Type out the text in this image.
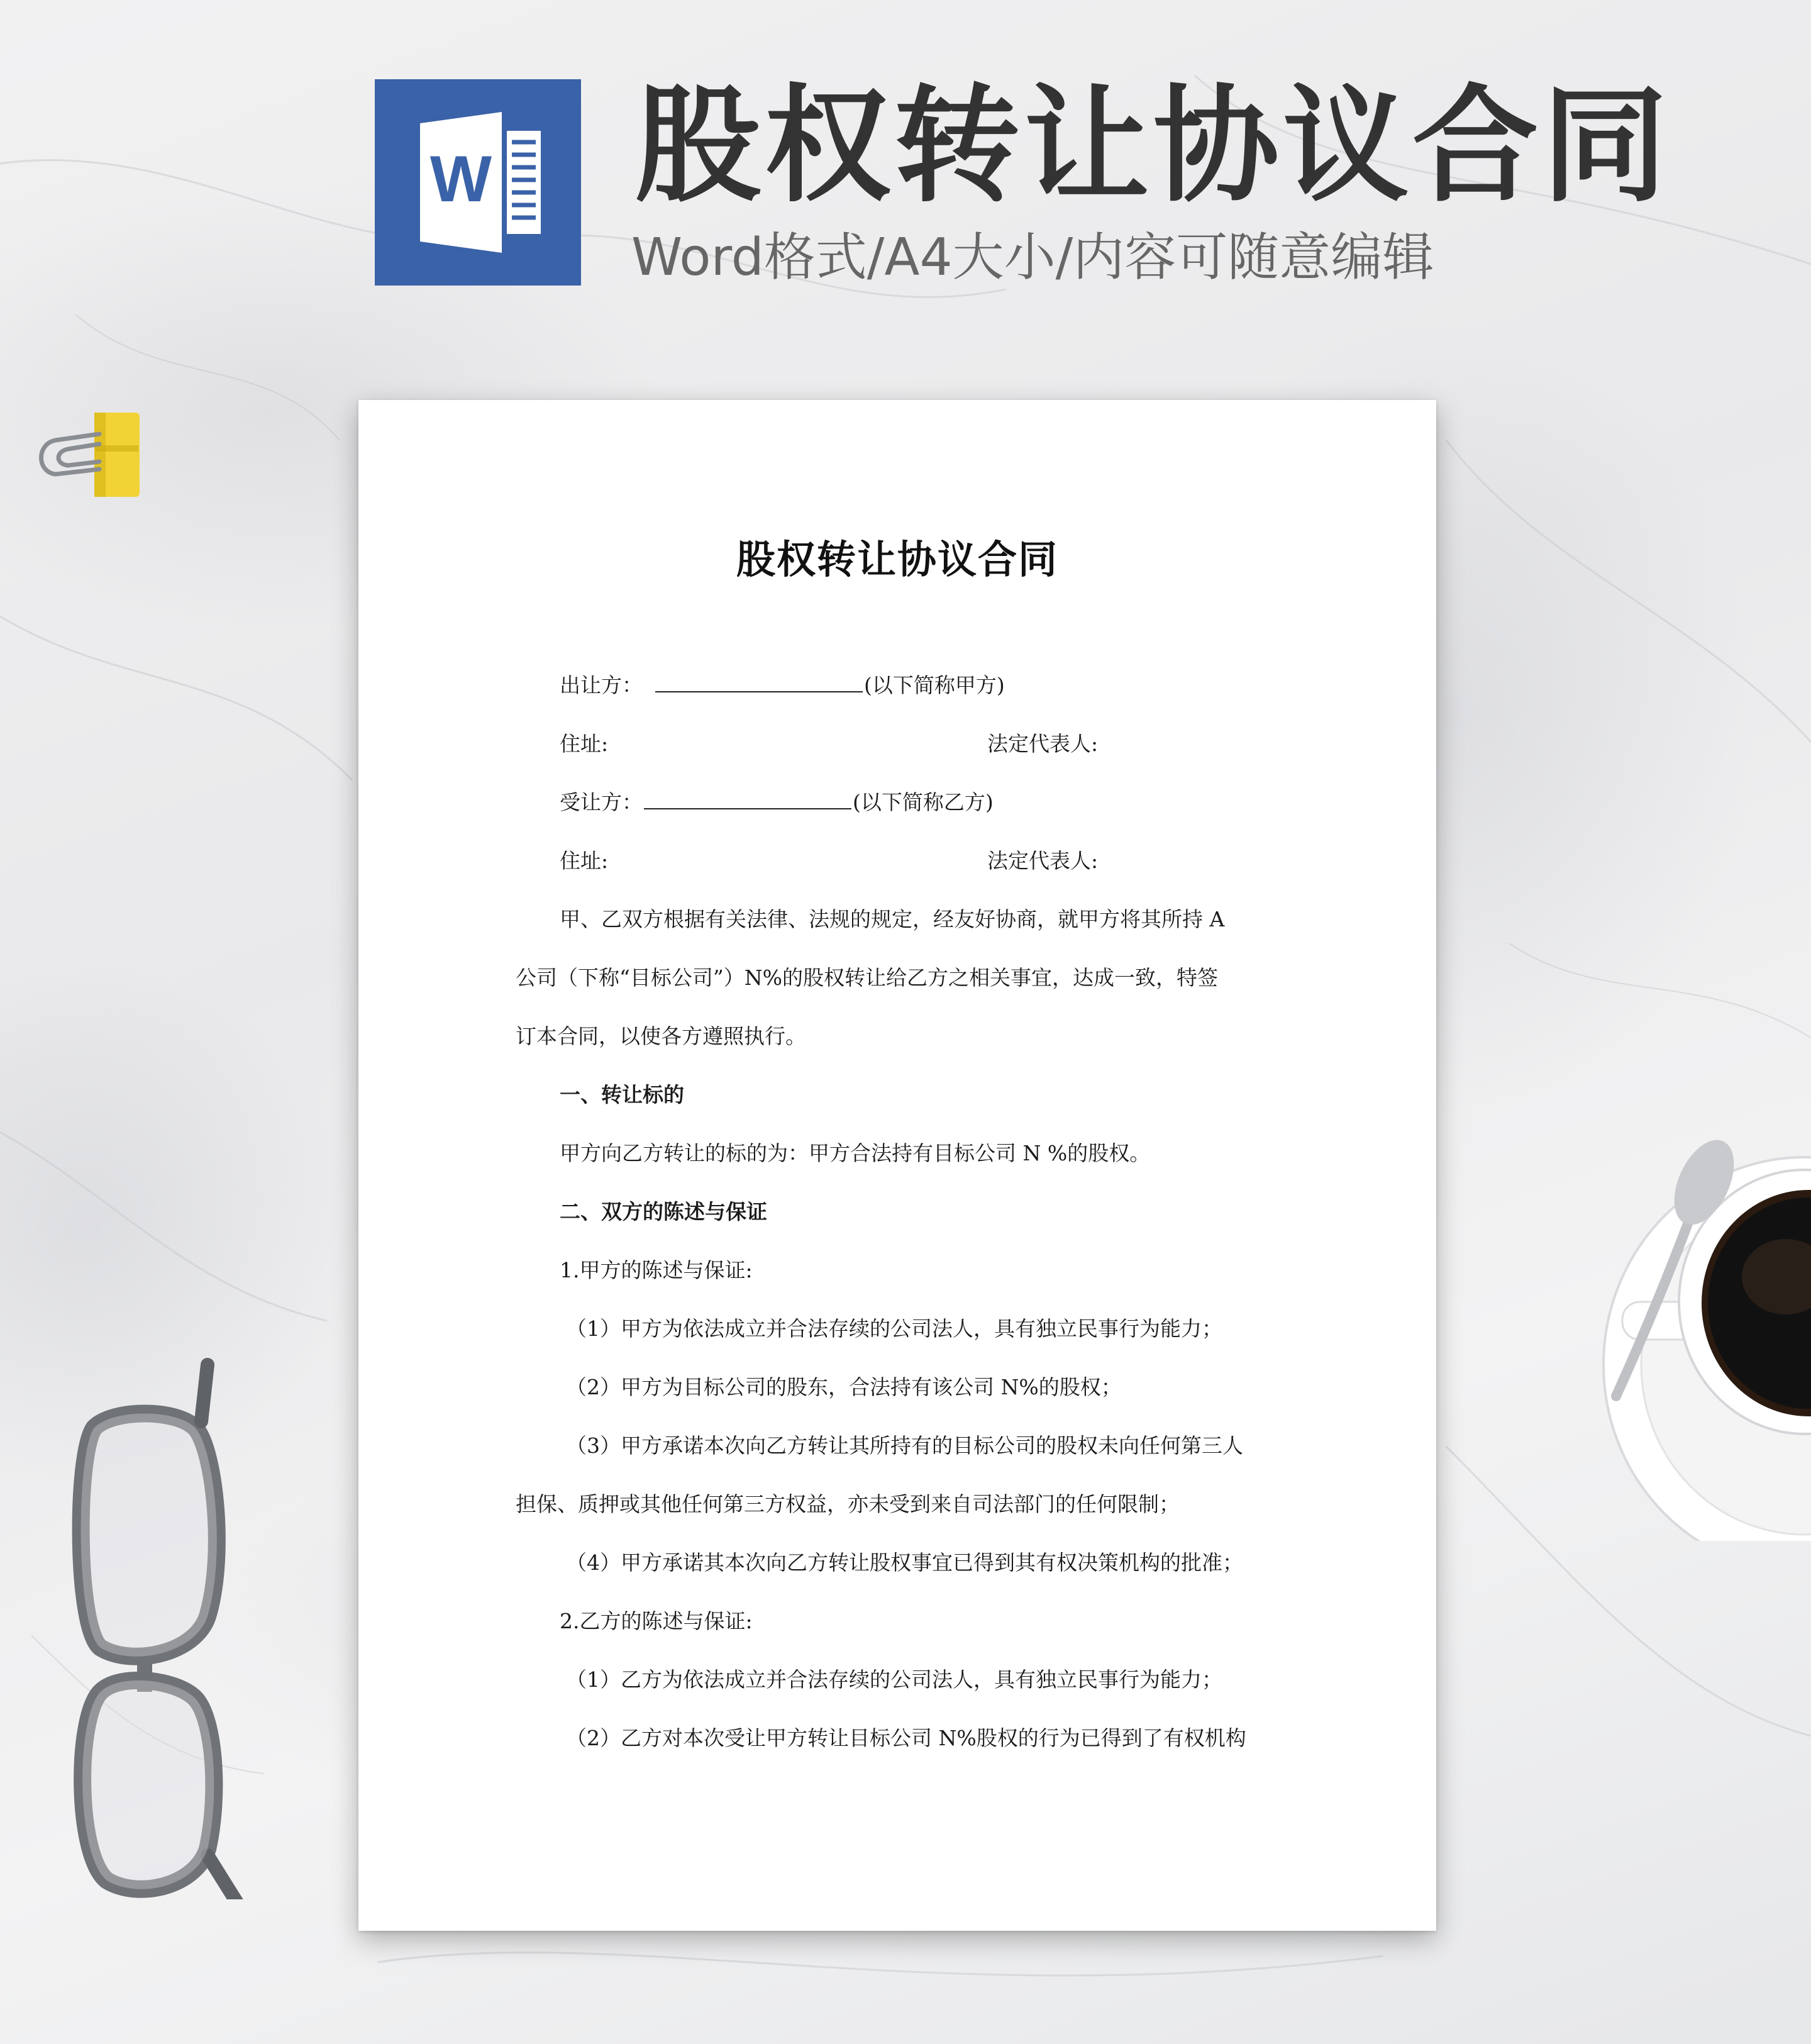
W 股权转让协议合同

Word格式/A4大小/内容可随意编辑

股权转让协议合同

出让方：	(以下简称甲方)

住址:	法定代表人:

受让方：	(以下简称乙方)

住址:	法定代表人:

甲、乙双方根据有关法律、法规的规定，经友好协商，就甲方将其所持 A

公司（下称“目标公司”）N%的股权转让给乙方之相关事宜，达成一致，特签

订本合同，以使各方遵照执行。

一、转让标的

甲方向乙方转让的标的为：甲方合法持有目标公司 N %的股权。

二、双方的陈述与保证

1.甲方的陈述与保证:

（1）甲方为依法成立并合法存续的公司法人，具有独立民事行为能力；

（2）甲方为目标公司的股东，合法持有该公司 N%的股权；

（3）甲方承诺本次向乙方转让其所持有的目标公司的股权未向任何第三人

担保、质押或其他任何第三方权益，亦未受到来自司法部门的任何限制；

（4）甲方承诺其本次向乙方转让股权事宜已得到其有权决策机构的批准；

2.乙方的陈述与保证:

（1）乙方为依法成立并合法存续的公司法人，具有独立民事行为能力；

（2）乙方对本次受让甲方转让目标公司 N%股权的行为已得到了有权机构
